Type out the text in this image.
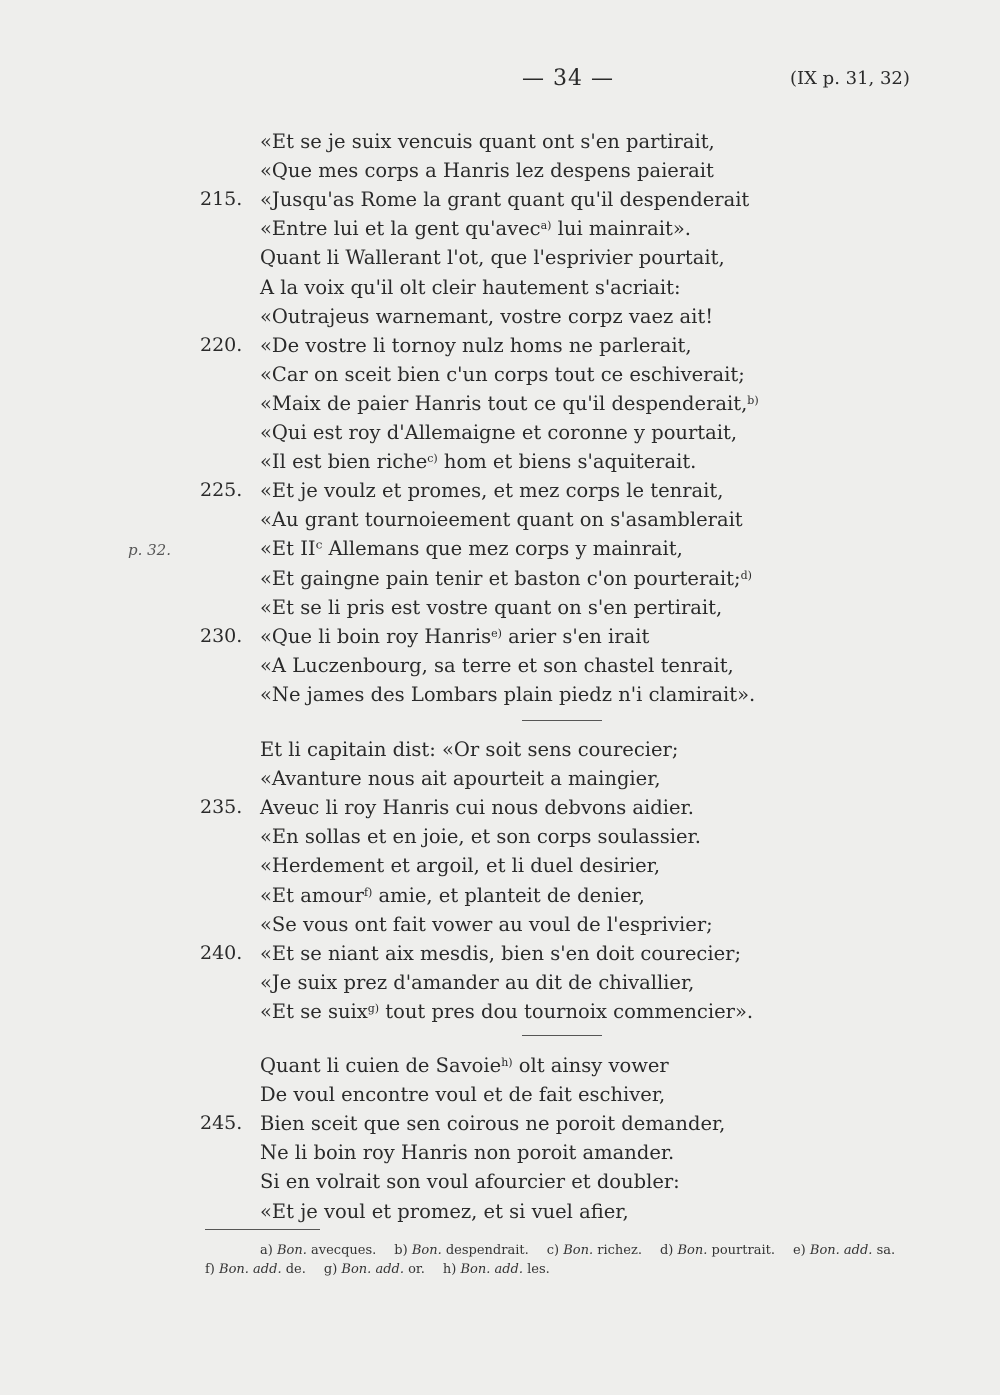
— 34 —	(IX p. 31, 32)
p. 32.
«Et se je suix vencuis quant ont s'en partirait,
«Que mes corps a Hanris lez despens paierait
215. «Jusqu'as Rome la grant quant qu'il despenderait
«Entre lui et la gent qu'avec$^{a)}$ lui mainrait».
Quant li Wallerant l'ot, que l'esprivier pourtait,
A la voix qu'il olt cleir hautement s'acriait:
«Outrajeus warnemant, vostre corpz vaez ait!
220. «De vostre li tornoy nulz homs ne parlerait,
«Car on sceit bien c'un corps tout ce eschiverait;
«Maix de paier Hanris tout ce qu'il despenderait,$^{b)}$
«Qui est roy d'Allemaigne et coronne y pourtait,
«Il est bien riche$^{c)}$ hom et biens s'aquiterait.
225. «Et je voulz et promes, et mez corps le tenrait,
«Au grant tournoieement quant on s'asamblerait
«Et IIᶜ Allemans que mez corps y mainrait,
«Et gaingne pain tenir et baston c'on pourterait;$^{d)}$
«Et se li pris est vostre quant on s'en pertirait,
230. «Que li boin roy Hanris$^{e)}$ arier s'en irait
«A Luczenbourg, sa terre et son chastel tenrait,
«Ne james des Lombars plain piedz n'i clamirait».
Et li capitain dist: «Or soit sens courecier;
«Avanture nous ait apourteit a maingier,
235. Aveuc li roy Hanris cui nous debvons aidier.
«En sollas et en joie, et son corps soulassier.
«Herdement et argoil, et li duel desirier,
«Et amour$^{f)}$ amie, et planteit de denier,
«Se vous ont fait vower au voul de l'esprivier;
240. «Et se niant aix mesdis, bien s'en doit courecier;
«Je suix prez d'amander au dit de chivallier,
«Et se suix$^{g)}$ tout pres dou tournoix commencier».
Quant li cuien de Savoie$^{h)}$ olt ainsy vower
De voul encontre voul et de fait eschiver,
245. Bien sceit que sen coirous ne poroit demander,
Ne li boin roy Hanris non poroit amander.
Si en volrait son voul afourcier et doubler:
«Et je voul et promez, et si vuel afier,
a) Bon. avecques. b) Bon. despendrait. c) Bon. richez. d) Bon. pourtrait. e) Bon. add. sa.
f) Bon. add. de. g) Bon. add. or. h) Bon. add. les.
